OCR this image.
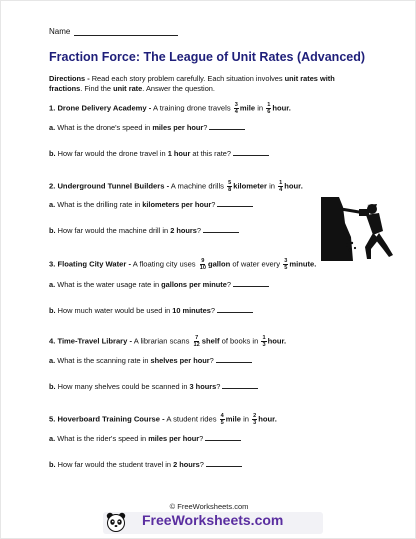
Name
Fraction Force: The League of Unit Rates (Advanced)
Directions - Read each story problem carefully. Each situation involves unit rates with fractions. Find the unit rate. Answer the question.
1. Drone Delivery Academy - A training drone travels $\frac{3}{4}$ mile in $\frac{1}{6}$ hour.
a. What is the drone's speed in miles per hour?
b. How far would the drone travel in 1 hour at this rate?
2. Underground Tunnel Builders - A machine drills $\frac{5}{8}$ kilometer in $\frac{1}{4}$ hour.
a. What is the drilling rate in kilometers per hour?
b. How far would the machine drill in 2 hours?
3. Floating City Water - A floating city uses $\frac{9}{10}$ gallon of water every $\frac{3}{5}$ minute.
a. What is the water usage rate in gallons per minute?
b. How much water would be used in 10 minutes?
4. Time-Travel Library - A librarian scans $\frac{7}{12}$ shelf of books in $\frac{1}{3}$ hour.
a. What is the scanning rate in shelves per hour?
b. How many shelves could be scanned in 3 hours?
5. Hoverboard Training Course - A student rides $\frac{4}{5}$ mile in $\frac{2}{3}$ hour.
a. What is the rider's speed in miles per hour?
b. How far would the student travel in 2 hours?
© FreeWorksheets.com
FreeWorksheets.com
